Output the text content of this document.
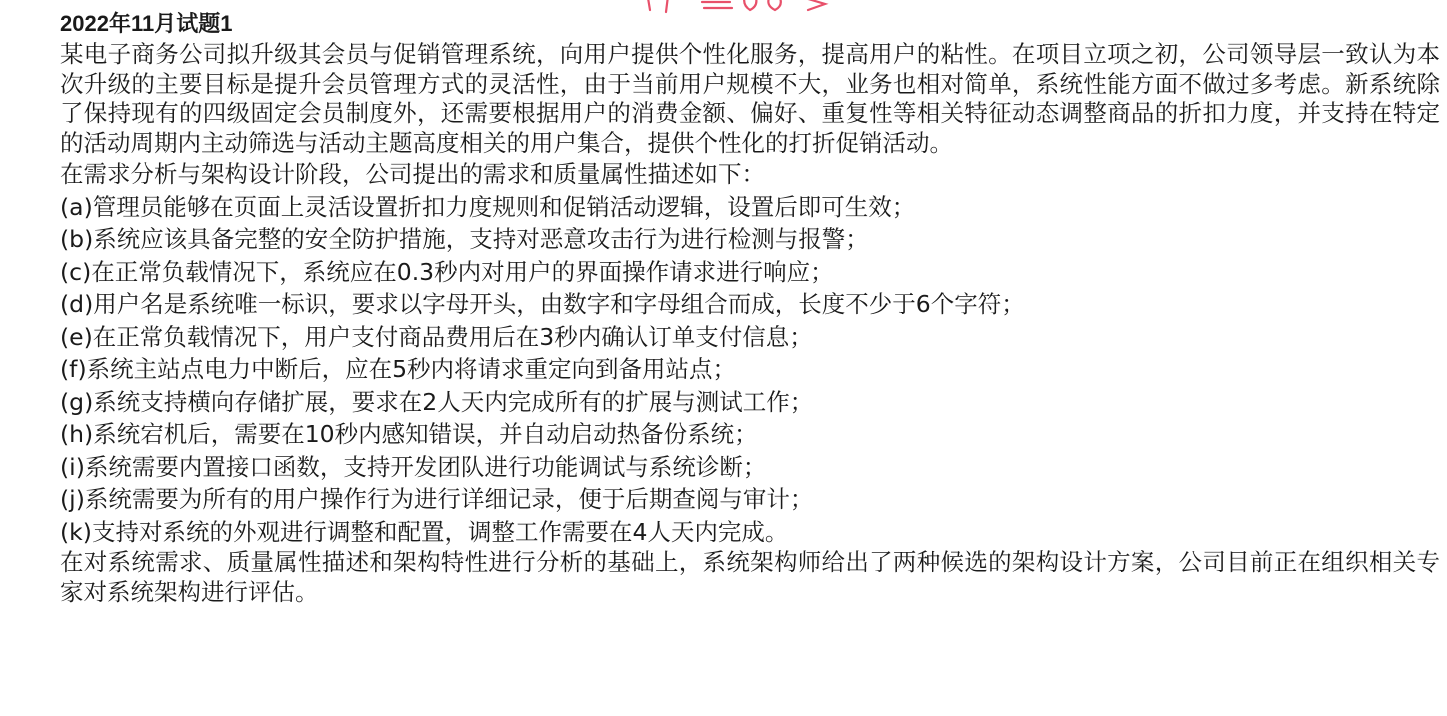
2022年11月试题1

某电子商务公司拟升级其会员与促销管理系统，向用户提供个性化服务，提高用户的粘性。在项目立项之初，公司领导层一致认为本次升级的主要目标是提升会员管理方式的灵活性，由于当前用户规模不大，业务也相对简单，系统性能方面不做过多考虑。新系统除了保持现有的四级固定会员制度外，还需要根据用户的消费金额、偏好、重复性等相关特征动态调整商品的折扣力度，并支持在特定的活动周期内主动筛选与活动主题高度相关的用户集合，提供个性化的打折促销活动。

在需求分析与架构设计阶段，公司提出的需求和质量属性描述如下：

(a)管理员能够在页面上灵活设置折扣力度规则和促销活动逻辑，设置后即可生效；

(b)系统应该具备完整的安全防护措施，支持对恶意攻击行为进行检测与报警；

(c)在正常负载情况下，系统应在0.3秒内对用户的界面操作请求进行响应；

(d)用户名是系统唯一标识，要求以字母开头，由数字和字母组合而成，长度不少于6个字符；

(e)在正常负载情况下，用户支付商品费用后在3秒内确认订单支付信息；

(f)系统主站点电力中断后，应在5秒内将请求重定向到备用站点；

(g)系统支持横向存储扩展，要求在2人天内完成所有的扩展与测试工作；

(h)系统宕机后，需要在10秒内感知错误，并自动启动热备份系统；

(i)系统需要内置接口函数，支持开发团队进行功能调试与系统诊断；

(j)系统需要为所有的用户操作行为进行详细记录，便于后期查阅与审计；

(k)支持对系统的外观进行调整和配置，调整工作需要在4人天内完成。

在对系统需求、质量属性描述和架构特性进行分析的基础上，系统架构师给出了两种候选的架构设计方案，公司目前正在组织相关专家对系统架构进行评估。
